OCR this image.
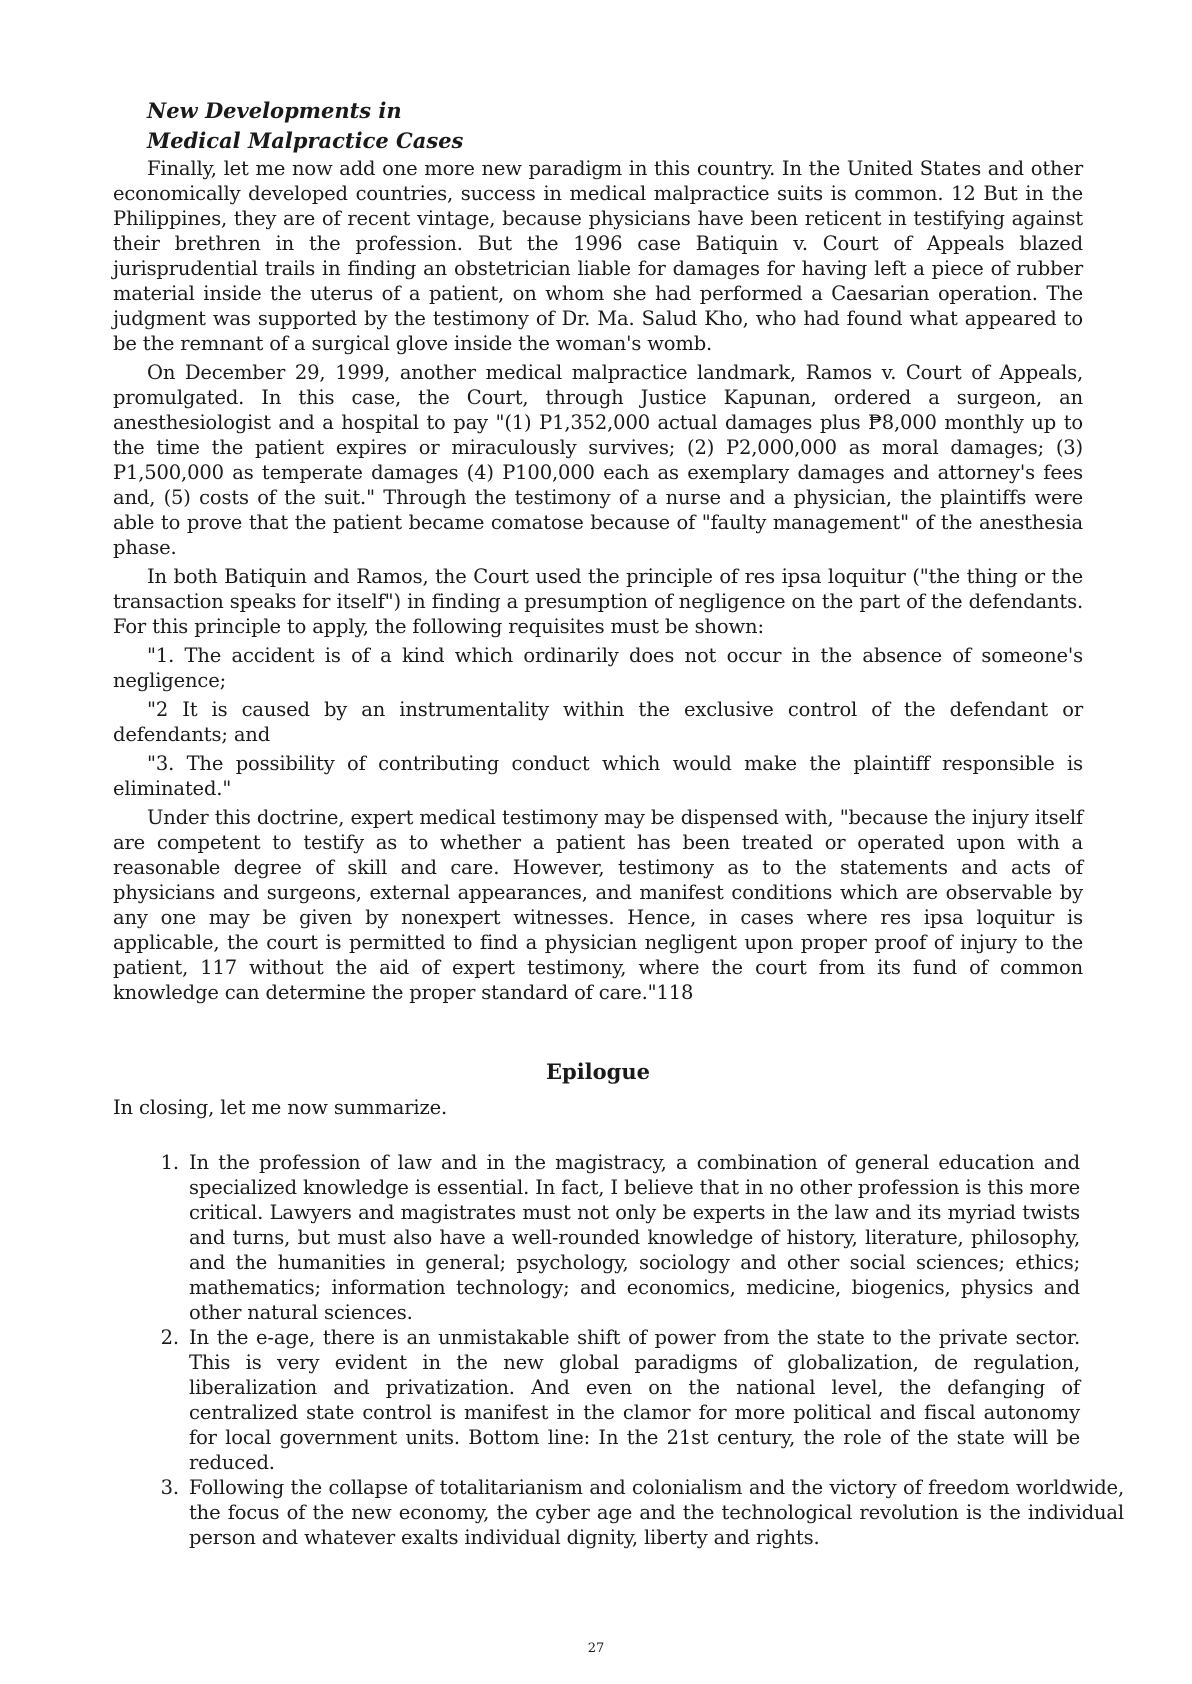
New Developments in
Medical Malpractice Cases

Finally, let me now add one more new paradigm in this country. In the United States and other economically developed countries, success in medical malpractice suits is common. 12 But in the Philippines, they are of recent vintage, because physicians have been reticent in testifying against their brethren in the profession. But the 1996 case Batiquin v. Court of Appeals blazed jurisprudential trails in finding an obstetrician liable for damages for having left a piece of rubber material inside the uterus of a patient, on whom she had performed a Caesarian operation. The judgment was supported by the testimony of Dr. Ma. Salud Kho, who had found what appeared to be the remnant of a surgical glove inside the woman's womb.

On December 29, 1999, another medical malpractice landmark, Ramos v. Court of Appeals, promulgated. In this case, the Court, through Justice Kapunan, ordered a surgeon, an anesthesiologist and a hospital to pay "(1) P1,352,000 actual damages plus ₱8,000 monthly up to the time the patient expires or miraculously survives; (2) P2,000,000 as moral damages; (3) P1,500,000 as temperate damages (4) P100,000 each as exemplary damages and attorney's fees and, (5) costs of the suit." Through the testimony of a nurse and a physician, the plaintiffs were able to prove that the patient became comatose because of "faulty management" of the anesthesia phase.

In both Batiquin and Ramos, the Court used the principle of res ipsa loquitur ("the thing or the transaction speaks for itself") in finding a presumption of negligence on the part of the defendants. For this principle to apply, the following requisites must be shown:

"1. The accident is of a kind which ordinarily does not occur in the absence of someone's negligence;

"2 It is caused by an instrumentality within the exclusive control of the defendant or defendants; and

"3. The possibility of contributing conduct which would make the plaintiff responsible is eliminated."

Under this doctrine, expert medical testimony may be dispensed with, "because the injury itself are competent to testify as to whether a patient has been treated or operated upon with a reasonable degree of skill and care. However, testimony as to the statements and acts of physicians and surgeons, external appearances, and manifest conditions which are observable by any one may be given by nonexpert witnesses. Hence, in cases where res ipsa loquitur is applicable, the court is permitted to find a physician negligent upon proper proof of injury to the patient, 117 without the aid of expert testimony, where the court from its fund of common knowledge can determine the proper standard of care."118

Epilogue

In closing, let me now summarize.

1. In the profession of law and in the magistracy, a combination of general education and specialized knowledge is essential. In fact, I believe that in no other profession is this more critical. Lawyers and magistrates must not only be experts in the law and its myriad twists and turns, but must also have a well-rounded knowledge of history, literature, philosophy, and the humanities in general; psychology, sociology and other social sciences; ethics; mathematics; information technology; and economics, medicine, biogenics, physics and other natural sciences.
2. In the e-age, there is an unmistakable shift of power from the state to the private sector. This is very evident in the new global paradigms of globalization, de regulation, liberalization and privatization. And even on the national level, the defanging of centralized state control is manifest in the clamor for more political and fiscal autonomy for local government units. Bottom line: In the 21st century, the role of the state will be reduced.
3. Following the collapse of totalitarianism and colonialism and the victory of freedom worldwide, the focus of the new economy, the cyber age and the technological revolution is the individual person and whatever exalts individual dignity, liberty and rights.
27
